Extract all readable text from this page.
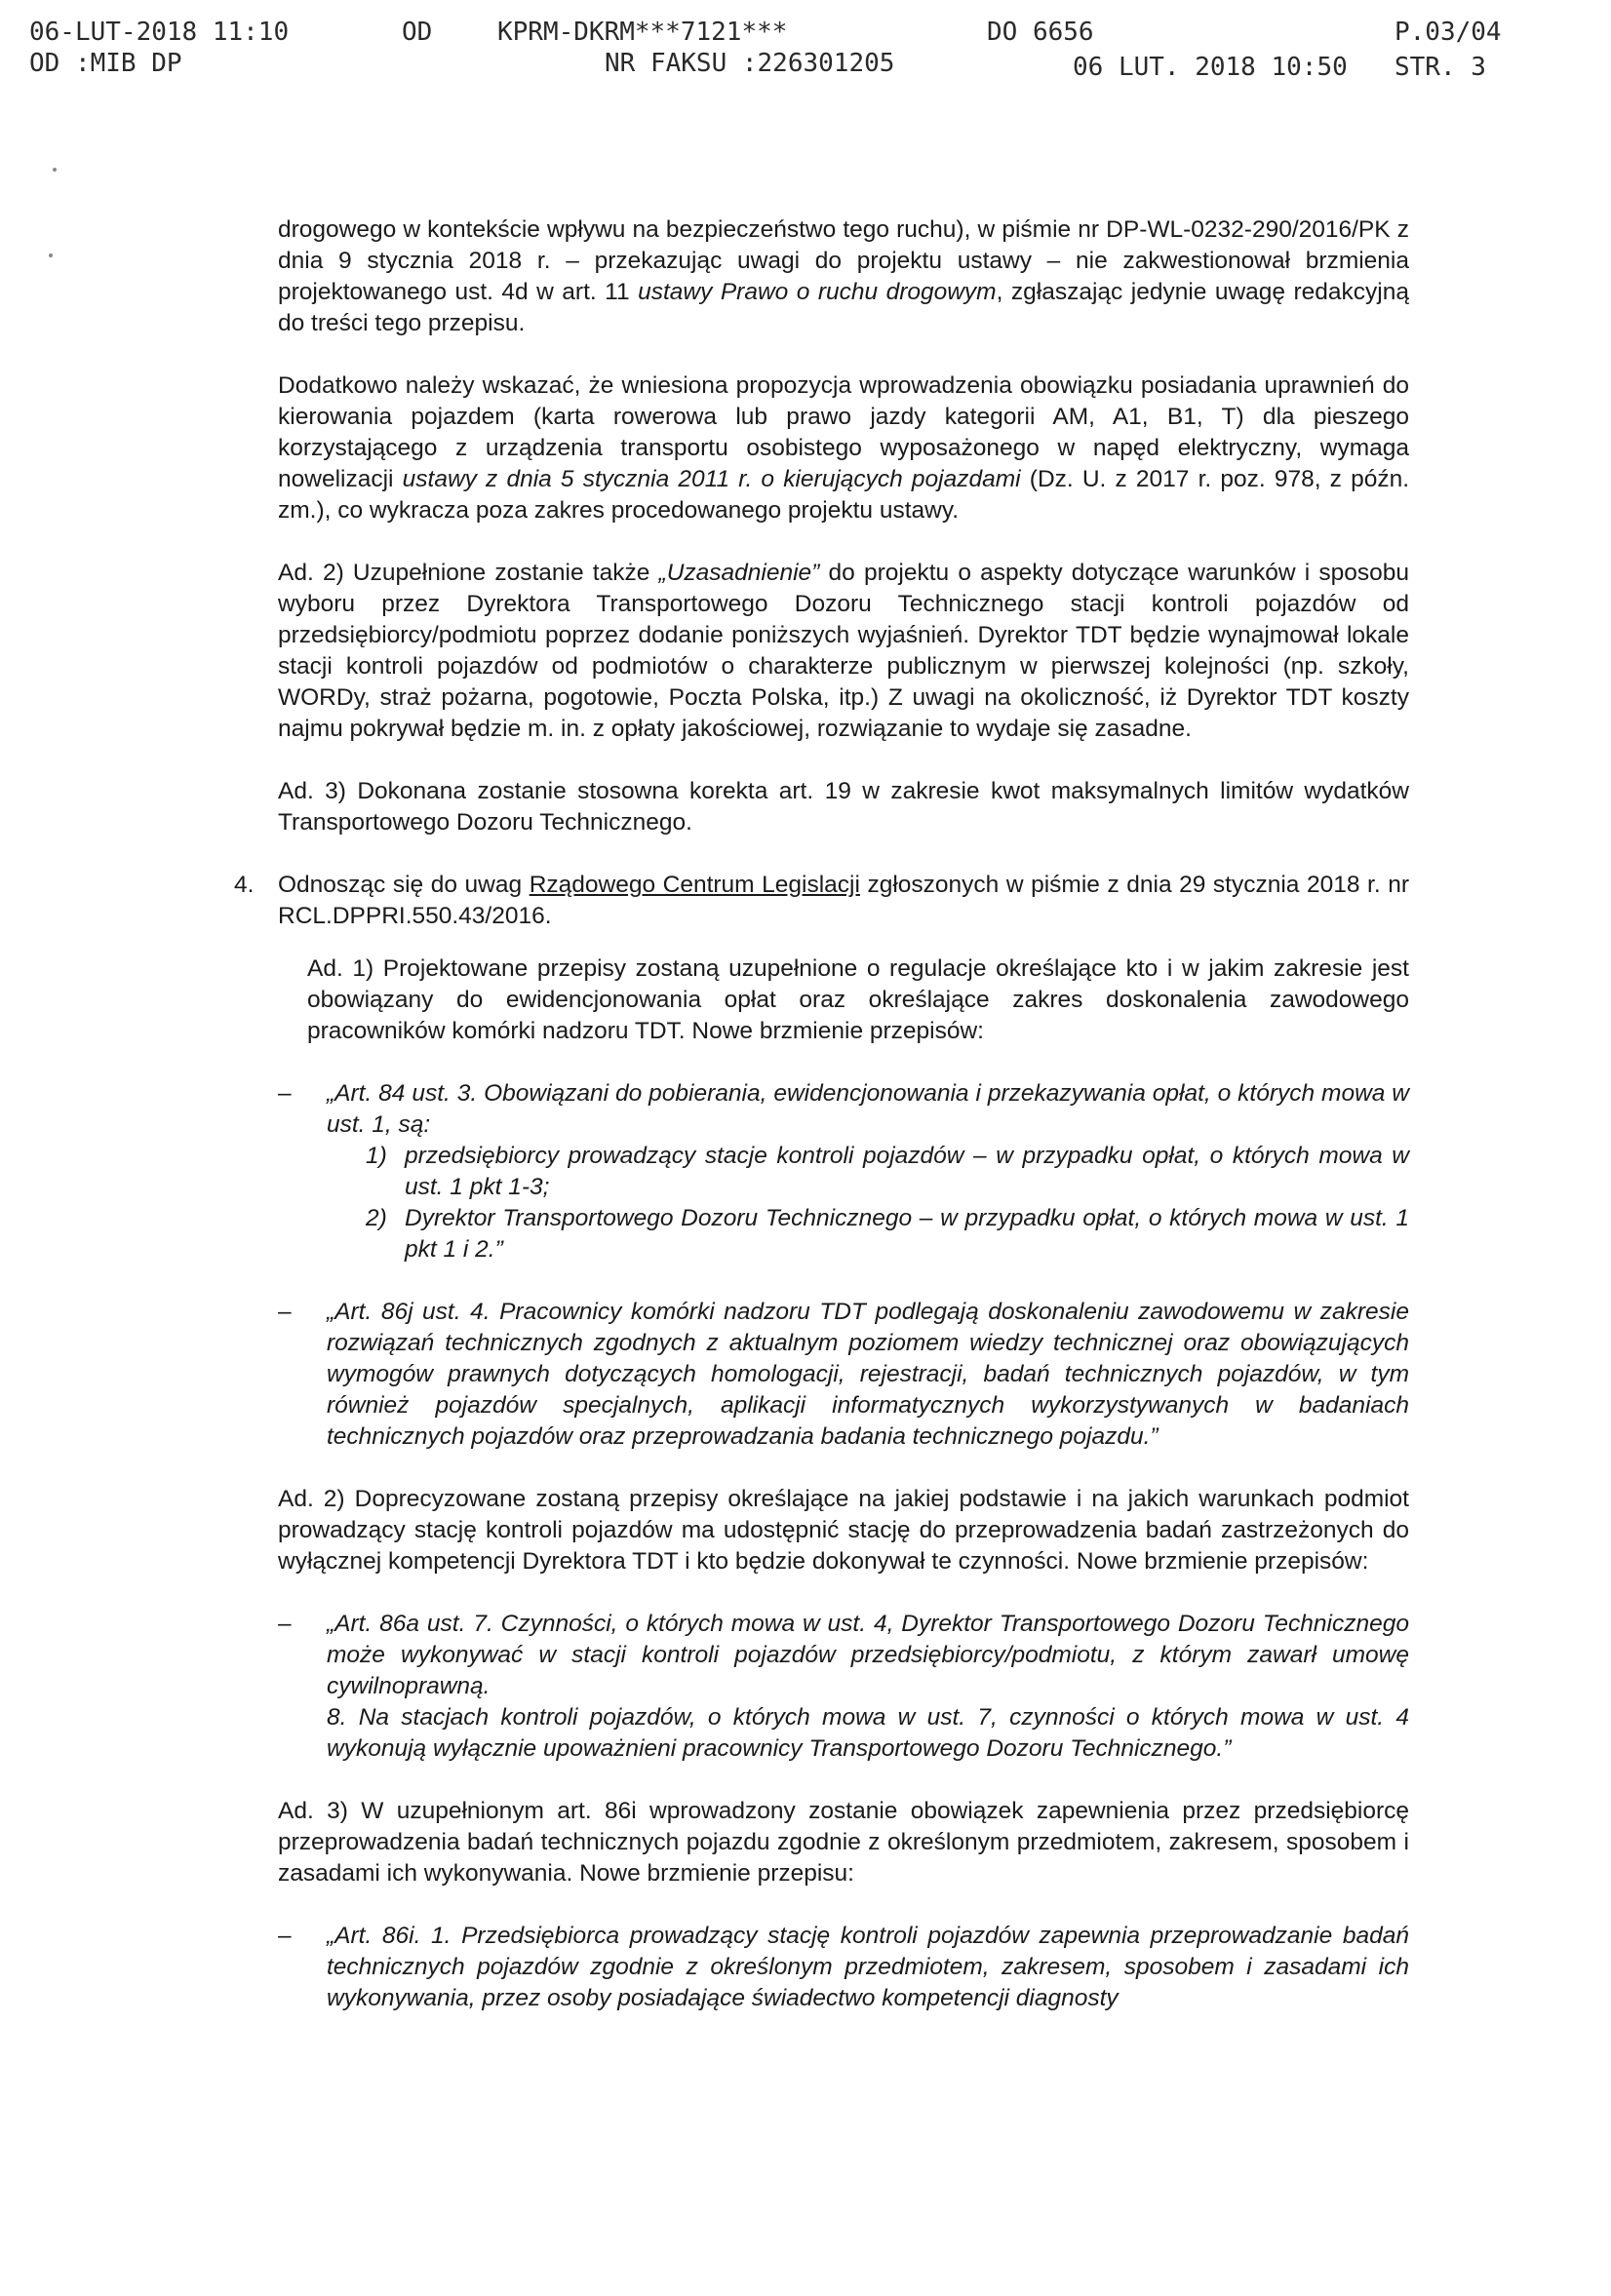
06-LUT-2018 11:10	OD	KPRM-DKRM***7121***	DO 6656	P.03/04
OD :MIB DP	NR FAKSU :226301205	06 LUT. 2018 10:50 STR. 3

drogowego w kontekście wpływu na bezpieczeństwo tego ruchu), w piśmie nr DP-WL-0232-290/2016/PK z dnia 9 stycznia 2018 r. – przekazując uwagi do projektu ustawy – nie zakwestionował brzmienia projektowanego ust. 4d w art. 11 ustawy Prawo o ruchu drogowym, zgłaszając jedynie uwagę redakcyjną do treści tego przepisu.

Dodatkowo należy wskazać, że wniesiona propozycja wprowadzenia obowiązku posiadania uprawnień do kierowania pojazdem (karta rowerowa lub prawo jazdy kategorii AM, A1, B1, T) dla pieszego korzystającego z urządzenia transportu osobistego wyposażonego w napęd elektryczny, wymaga nowelizacji ustawy z dnia 5 stycznia 2011 r. o kierujących pojazdami (Dz. U. z 2017 r. poz. 978, z późn. zm.), co wykracza poza zakres procedowanego projektu ustawy.

Ad. 2) Uzupełnione zostanie także „Uzasadnienie” do projektu o aspekty dotyczące warunków i sposobu wyboru przez Dyrektora Transportowego Dozoru Technicznego stacji kontroli pojazdów od przedsiębiorcy/podmiotu poprzez dodanie poniższych wyjaśnień. Dyrektor TDT będzie wynajmował lokale stacji kontroli pojazdów od podmiotów o charakterze publicznym w pierwszej kolejności (np. szkoły, WORDy, straż pożarna, pogotowie, Poczta Polska, itp.) Z uwagi na okoliczność, iż Dyrektor TDT koszty najmu pokrywał będzie m. in. z opłaty jakościowej, rozwiązanie to wydaje się zasadne.

Ad. 3) Dokonana zostanie stosowna korekta art. 19 w zakresie kwot maksymalnych limitów wydatków Transportowego Dozoru Technicznego.

4. Odnosząc się do uwag Rządowego Centrum Legislacji zgłoszonych w piśmie z dnia 29 stycznia 2018 r. nr RCL.DPPRI.550.43/2016.

Ad. 1) Projektowane przepisy zostaną uzupełnione o regulacje określające kto i w jakim zakresie jest obowiązany do ewidencjonowania opłat oraz określające zakres doskonalenia zawodowego pracowników komórki nadzoru TDT. Nowe brzmienie przepisów:

– „Art. 84 ust. 3. Obowiązani do pobierania, ewidencjonowania i przekazywania opłat, o których mowa w ust. 1, są:
1) przedsiębiorcy prowadzący stacje kontroli pojazdów – w przypadku opłat, o których mowa w ust. 1 pkt 1-3;
2) Dyrektor Transportowego Dozoru Technicznego – w przypadku opłat, o których mowa w ust. 1 pkt 1 i 2.”
– „Art. 86j ust. 4. Pracownicy komórki nadzoru TDT podlegają doskonaleniu zawodowemu w zakresie rozwiązań technicznych zgodnych z aktualnym poziomem wiedzy technicznej oraz obowiązujących wymogów prawnych dotyczących homologacji, rejestracji, badań technicznych pojazdów, w tym również pojazdów specjalnych, aplikacji informatycznych wykorzystywanych w badaniach technicznych pojazdów oraz przeprowadzania badania technicznego pojazdu.”

Ad. 2) Doprecyzowane zostaną przepisy określające na jakiej podstawie i na jakich warunkach podmiot prowadzący stację kontroli pojazdów ma udostępnić stację do przeprowadzenia badań zastrzeżonych do wyłącznej kompetencji Dyrektora TDT i kto będzie dokonywał te czynności. Nowe brzmienie przepisów:

– „Art. 86a ust. 7. Czynności, o których mowa w ust. 4, Dyrektor Transportowego Dozoru Technicznego może wykonywać w stacji kontroli pojazdów przedsiębiorcy/podmiotu, z którym zawarł umowę cywilnoprawną.
8. Na stacjach kontroli pojazdów, o których mowa w ust. 7, czynności o których mowa w ust. 4 wykonują wyłącznie upoważnieni pracownicy Transportowego Dozoru Technicznego.”

Ad. 3) W uzupełnionym art. 86i wprowadzony zostanie obowiązek zapewnienia przez przedsiębiorcę przeprowadzenia badań technicznych pojazdu zgodnie z określonym przedmiotem, zakresem, sposobem i zasadami ich wykonywania. Nowe brzmienie przepisu:

– „Art. 86i. 1. Przedsiębiorca prowadzący stację kontroli pojazdów zapewnia przeprowadzanie badań technicznych pojazdów zgodnie z określonym przedmiotem, zakresem, sposobem i zasadami ich wykonywania, przez osoby posiadające świadectwo kompetencji diagnosty
